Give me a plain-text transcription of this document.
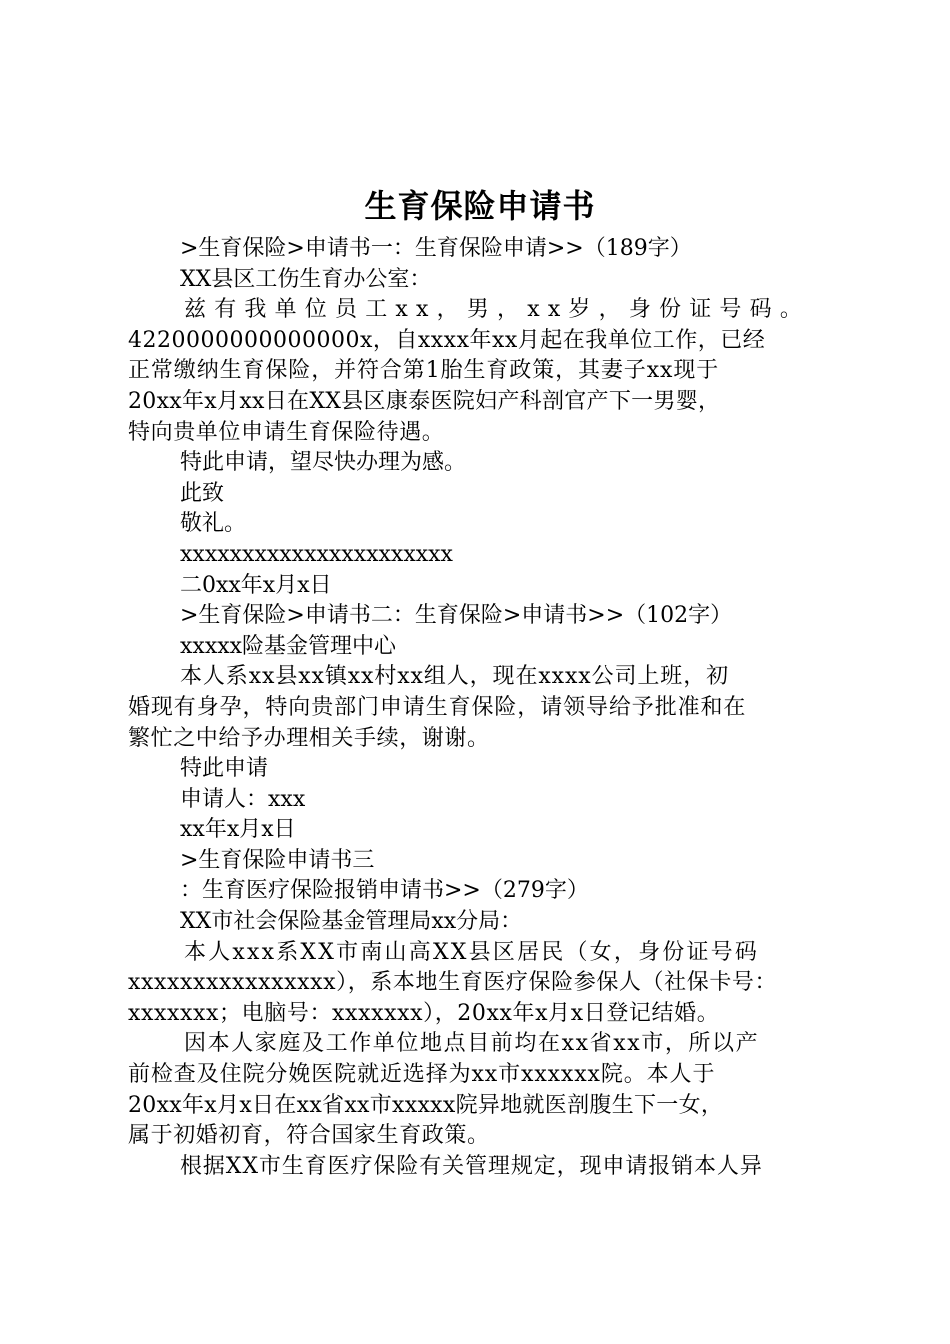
生育保险申请书
>生育保险>申请书一：生育保险申请>>（189字）
XX县区工伤生育办公室：
兹有我单位员工xx，男，xx岁，身份证号码。
4220000000000000x，自xxxx年xx月起在我单位工作，已经
正常缴纳生育保险，并符合第1胎生育政策，其妻子xx现于
20xx年x月xx日在XX县区康泰医院妇产科剖官产下一男婴，
特向贵单位申请生育保险待遇。
特此申请，望尽快办理为感。
此致
敬礼。
xxxxxxxxxxxxxxxxxxxxxx
二0xx年x月x日
>生育保险>申请书二：生育保险>申请书>>（102字）
xxxxx险基金管理中心
本人系xx县xx镇xx村xx组人，现在xxxx公司上班，初
婚现有身孕，特向贵部门申请生育保险，请领导给予批准和在
繁忙之中给予办理相关手续，谢谢。
特此申请
申请人：xxx
xx年x月x日
>生育保险申请书三
：生育医疗保险报销申请书>>（279字）
XX市社会保险基金管理局xx分局：
本人xxx系XX市南山高XX县区居民（女，身份证号码
xxxxxxxxxxxxxxxx），系本地生育医疗保险参保人（社保卡号：
xxxxxxx；电脑号：xxxxxxx），20xx年x月x日登记结婚。
因本人家庭及工作单位地点目前均在xx省xx市，所以产
前检查及住院分娩医院就近选择为xx市xxxxxx院。本人于
20xx年x月x日在xx省xx市xxxxx院异地就医剖腹生下一女，
属于初婚初育，符合国家生育政策。
根据XX市生育医疗保险有关管理规定，现申请报销本人异
